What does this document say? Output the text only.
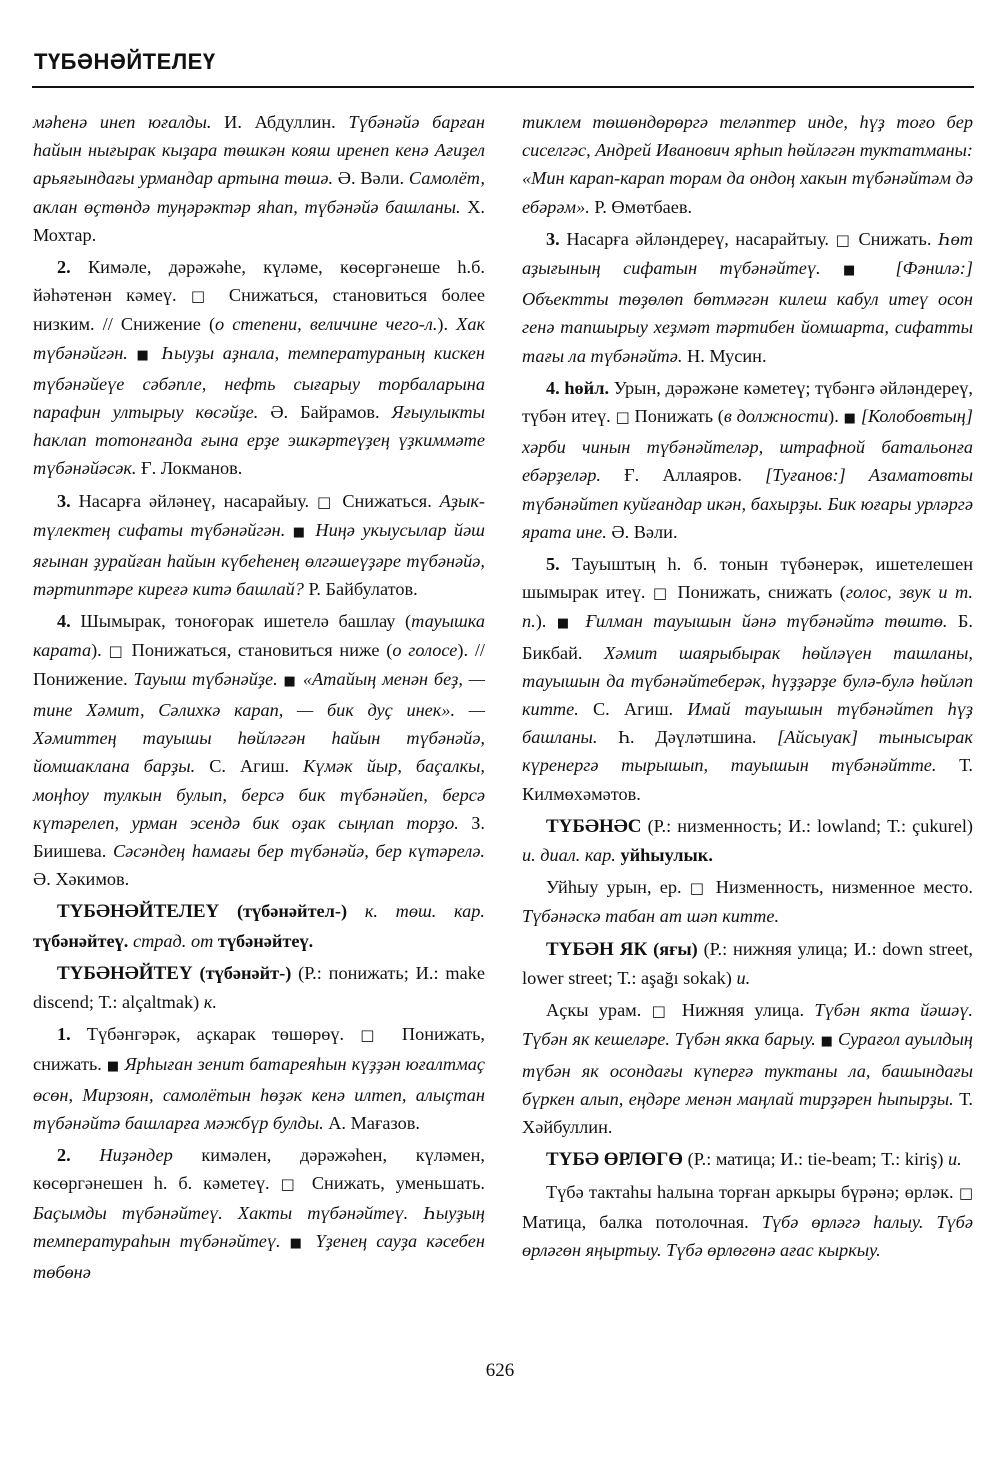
ТҮБӘНӘЙТЕЛЕҮ

мәһенә инеп юғалды. И. Абдуллин. Түбәнәйә барған һайын нығырак кыҙара төшкән кояш иренеп кенә Ағиҙел арьяғындағы урмандар артына төшә. Ә. Вәли. Самолёт, аклан өҫтөндә туңәрәктәр яһап, түбәнәйә башланы. Х. Мохтар.

2. Кимәле, дәрәжәһе, күләме, көсөргәнеше һ.б. йәһәтенән кәмеү. □ Снижаться, становиться более низким. // Снижение (о степени, величине чего-л.). Хак түбәнәйгән. ■ Һыуҙы аҙнала, температураның кискен түбәнәйеүе сәбәпле, нефть сығарыу торбаларына парафин ултырыу көсәйҙе. Ә. Байрамов. Яғыулыкты һаклап тотонғанда ғына ерҙе эшкәртеүҙең үҙкиммәте түбәнәйәсәк. Ғ. Локманов.

3. Насарға әйләнеү, насарайыу. □ Снижаться. Аҙык-түлектең сифаты түбәнәйгән. ■ Ниңә укыусылар йәш яғынан ҙурайған һайын күбеһенең өлгәшеүҙәре түбәнәйә, тәртиптәре киреғә китә башлай? Р. Байбулатов.

4. Шымырак, тоноғорак ишетелә башлау (тауышка карата). □ Понижаться, становиться ниже (о голосе). // Понижение. Тауыш түбәнәйҙе. ■ «Атайың менән беҙ, — тине Хәмит, Сәлихкә карап, — бик дуҫ инек». — Хәмиттең тауышы һөйләгән һайын түбәнәйә, йомшаклана барҙы. С. Агиш. Күмәк йыр, баҫалкы, моңһоу тулкын булып, берсә бик түбәнәйеп, берсә күтәрелеп, урман эсендә бик оҙак сыңлап торҙо. З. Биишева. Сәсәндең һамағы бер түбәнәйә, бер күтәрелә. Ә. Хәкимов.

ТҮБӘНӘЙТЕЛЕҮ (түбәнәйтел-) к. төш. кар. түбәнәйтеү. страд. от түбәнәйтеү.

ТҮБӘНӘЙТЕҮ (түбәнәйт-) (Р.: понижать; И.: make discend; Т.: alçaltmak) к.

1. Түбәнгәрәк, аҫкарак төшөрөү. □ Понижать, снижать. ■ Ярһыған зенит батареяһын күҙҙән юғалтмаҫ өсөн, Мирзоян, самолётын һөҙәк кенә илтеп, алыҫтан түбәнәйтә башларға мәжбүр булды. А. Мағазов.

2. Ниҙәндер кимәлен, дәрәжәһен, күләмен, көсөргәнешен һ. б. кәметеү. □ Снижать, уменьшать. Баҫымды түбәнәйтеү. Хакты түбәнәйтеү. Һыуҙың температураһын түбәнәйтеү. ■ Үҙенең сауҙа кәсебен төбөнә

тиклем төшөндөрөргә теләптер инде, һүҙ тоғо бер сиселгәс, Андрей Иванович ярһып һөйләгән туктатманы: «Мин карап-карап торам да ондоң хакын түбәнәйтәм дә ебәрәм». Р. Өмөтбаев.

3. Насарға әйләндереү, насарайтыу. □ Снижать. Һөт аҙығының сифатын түбәнәйтеү. ■ [Фәнилә:] Объектты төҙөлөп бөтмәгән килеш кабул итеү осон генә тапшырыу хеҙмәт тәртибен йомшарта, сифатты тағы ла түбәнәйтә. Н. Мусин.

4. һөйл. Урын, дәрәжәне кәметеү; түбәнгә әйләндереү, түбән итеү. □ Понижать (в должности). ■ [Колобовтың] хәрби чинын түбәнәйтеләр, штрафной батальонға ебәрҙеләр. Ғ. Аллаяров. [Туғанов:] Азаматовты түбәнәйтеп куйғандар икән, бахырҙы. Бик юғары урләргә ярата ине. Ә. Вәли.

5. Тауыштың һ. б. тонын түбәнерәк, ишетелешен шымырак итеү. □ Понижать, снижать (голос, звук и т. п.). ■ Ғилман тауышын йәнә түбәнәйтә төштө. Б. Бикбай. Хәмит шаярыбырак һөйләүен ташланы, тауышын да түбәнәйтеберәк, һүҙҙәрҙе булә-булә һөйләп китте. С. Агиш. Имай тауышын түбәнәйтеп һүҙ башланы. Һ. Дәүләтшина. [Айсыуак] тынысырак күренергә тырышып, тауышын түбәнәйтте. Т. Килмөхәмәтов.

ТҮБӘНӘС (Р.: низменность; И.: lowland; Т.: çukurel) и. диал. кар. уйһыулык.

Уйһыу урын, ер. □ Низменность, низменное место. Түбәнәскә табан ат шәп китте.

ТҮБӘН ЯК (яғы) (Р.: нижняя улица; И.: down street, lower street; Т.: aşağı sokak) и.

Аҫкы урам. □ Нижняя улица. Түбән якта йәшәү. Түбән як кешеләре. Түбән якка барыу. ■ Сурағол ауылдың түбән як осондағы күперғә туктаны ла, башындағы бүркен алып, еңдәре менән маңлай тирҙәрен һыпырҙы. Т. Хәйбуллин.

ТҮБӘ ӨРЛӨГӨ (Р.: матица; И.: tie-beam; Т.: kiriş) и.

Түбә тактаһы һалына торған аркыры бүрәнә; өрләк. □ Матица, балка потолочная. Түбә өрләгә һалыу. Түбә өрләгөн яңыртыу. Түбә өрлөгөнә ағас кыркыу.

626
